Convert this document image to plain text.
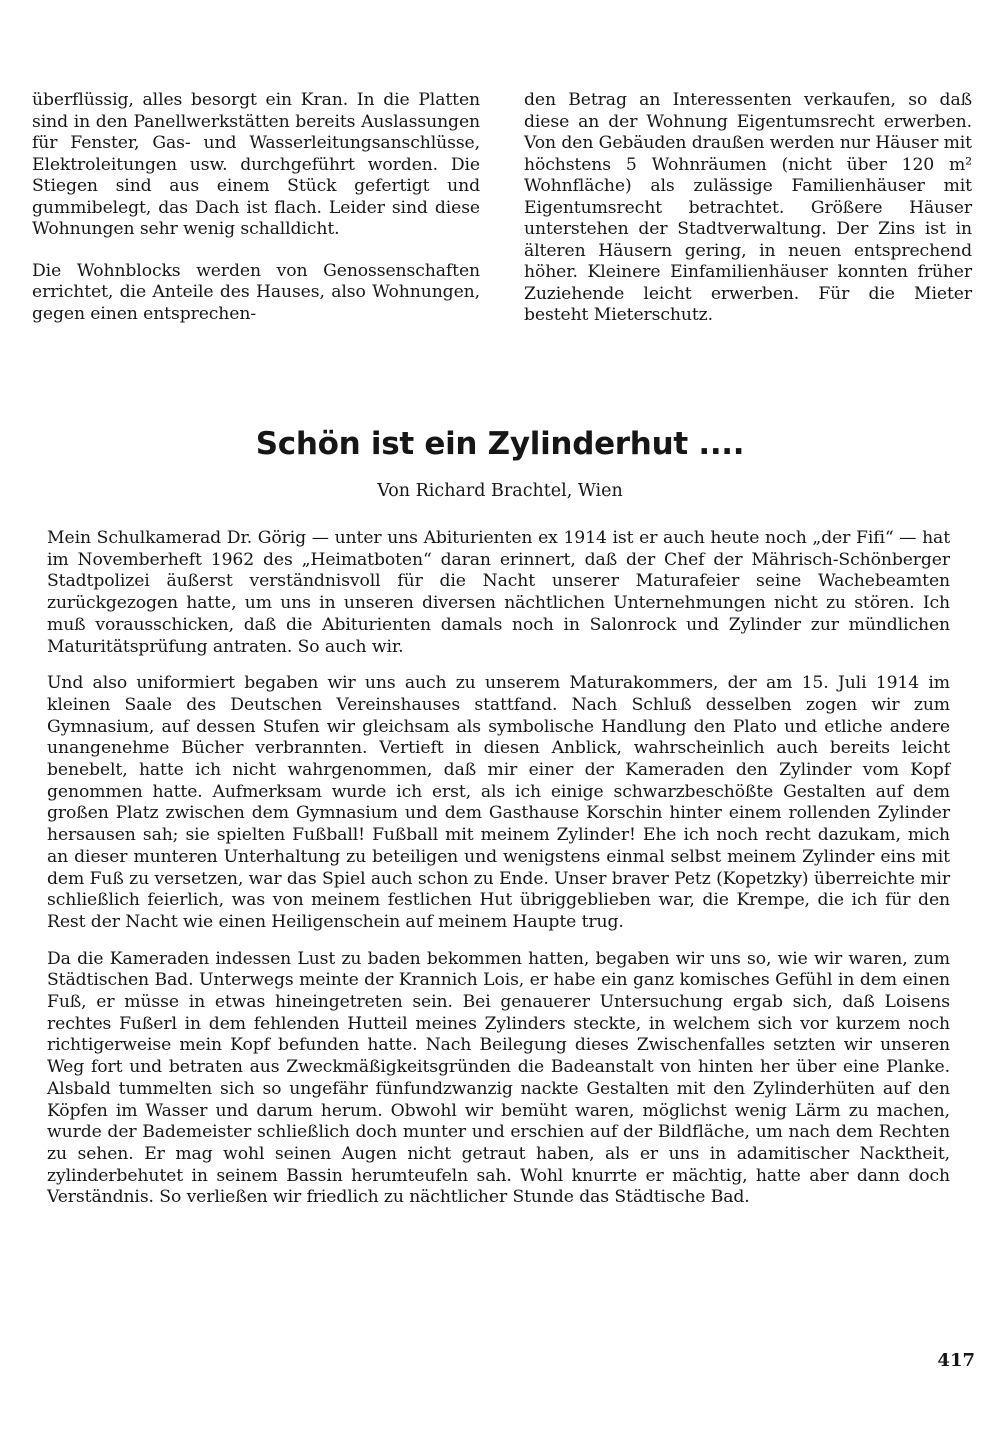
überflüssig, alles besorgt ein Kran. In die Platten sind in den Panellwerkstätten bereits Auslassungen für Fenster, Gas- und Wasserleitungsanschlüsse, Elektroleitungen usw. durchgeführt worden. Die Stiegen sind aus einem Stück gefertigt und gummibelegt, das Dach ist flach. Leider sind diese Wohnungen sehr wenig schalldicht.

Die Wohnblocks werden von Genossenschaften errichtet, die Anteile des Hauses, also Wohnungen, gegen einen entsprechen-

den Betrag an Interessenten verkaufen, so daß diese an der Wohnung Eigentumsrecht erwerben. Von den Gebäuden draußen werden nur Häuser mit höchstens 5 Wohnräumen (nicht über 120 m² Wohnfläche) als zulässige Familienhäuser mit Eigentumsrecht betrachtet. Größere Häuser unterstehen der Stadtverwaltung. Der Zins ist in älteren Häusern gering, in neuen entsprechend höher. Kleinere Einfamilienhäuser konnten früher Zuziehende leicht erwerben. Für die Mieter besteht Mieterschutz.

Schön ist ein Zylinderhut ....
Von Richard Brachtel, Wien

Mein Schulkamerad Dr. Görig — unter uns Abiturienten ex 1914 ist er auch heute noch „der Fifi“ — hat im Novemberheft 1962 des „Heimatboten“ daran erinnert, daß der Chef der Mährisch-Schönberger Stadtpolizei äußerst verständnisvoll für die Nacht unserer Maturafeier seine Wachebeamten zurückgezogen hatte, um uns in unseren diversen nächtlichen Unternehmungen nicht zu stören. Ich muß vorausschicken, daß die Abiturienten damals noch in Salonrock und Zylinder zur mündlichen Maturitätsprüfung antraten. So auch wir.

Und also uniformiert begaben wir uns auch zu unserem Maturakommers, der am 15. Juli 1914 im kleinen Saale des Deutschen Vereinshauses stattfand. Nach Schluß desselben zogen wir zum Gymnasium, auf dessen Stufen wir gleichsam als symbolische Handlung den Plato und etliche andere unangenehme Bücher verbrannten. Vertieft in diesen Anblick, wahrscheinlich auch bereits leicht benebelt, hatte ich nicht wahrgenommen, daß mir einer der Kameraden den Zylinder vom Kopf genommen hatte. Aufmerksam wurde ich erst, als ich einige schwarzbeschößte Gestalten auf dem großen Platz zwischen dem Gymnasium und dem Gasthause Korschin hinter einem rollenden Zylinder hersausen sah; sie spielten Fußball! Fußball mit meinem Zylinder! Ehe ich noch recht dazukam, mich an dieser munteren Unterhaltung zu beteiligen und wenigstens einmal selbst meinem Zylinder eins mit dem Fuß zu versetzen, war das Spiel auch schon zu Ende. Unser braver Petz (Kopetzky) überreichte mir schließlich feierlich, was von meinem festlichen Hut übriggeblieben war, die Krempe, die ich für den Rest der Nacht wie einen Heiligenschein auf meinem Haupte trug.

Da die Kameraden indessen Lust zu baden bekommen hatten, begaben wir uns so, wie wir waren, zum Städtischen Bad. Unterwegs meinte der Krannich Lois, er habe ein ganz komisches Gefühl in dem einen Fuß, er müsse in etwas hineingetreten sein. Bei genauerer Untersuchung ergab sich, daß Loisens rechtes Fußerl in dem fehlenden Hutteil meines Zylinders steckte, in welchem sich vor kurzem noch richtigerweise mein Kopf befunden hatte. Nach Beilegung dieses Zwischenfalles setzten wir unseren Weg fort und betraten aus Zweckmäßigkeitsgründen die Badeanstalt von hinten her über eine Planke. Alsbald tummelten sich so ungefähr fünfundzwanzig nackte Gestalten mit den Zylinderhüten auf den Köpfen im Wasser und darum herum. Obwohl wir bemüht waren, möglichst wenig Lärm zu machen, wurde der Bademeister schließlich doch munter und erschien auf der Bildfläche, um nach dem Rechten zu sehen. Er mag wohl seinen Augen nicht getraut haben, als er uns in adamitischer Nacktheit, zylinderbehutet in seinem Bassin herumteufeln sah. Wohl knurrte er mächtig, hatte aber dann doch Verständnis. So verließen wir friedlich zu nächtlicher Stunde das Städtische Bad.

417
